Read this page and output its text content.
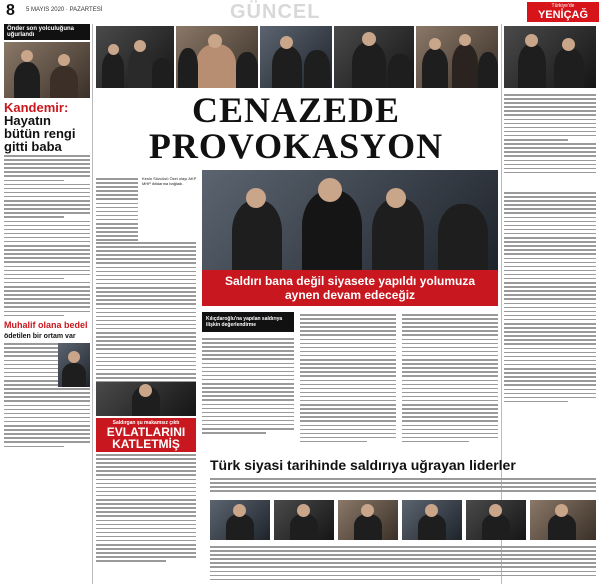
8 5 MAYIS 2020 · PAZARTESİ	GÜNCEL	Türkiye'de
YENİÇAĞ
Önder son yolculuğuna uğurlandı
Kandemir:
Hayatın bütün rengi gitti baba
Muhalif olana bedel
ödetilen bir ortam var
CENAZEDE
PROVOKASYON
Kesin Sözcüsü Özel olayı AKP MHP iktidarına bağladı.
Saldırı bana değil siyasete yapıldı yolumuza aynen devam edeceğiz
Kılıçdaroğlu'na yapılan saldırıya ilişkin değerlendirme
Saldırgan şu makamsız çıktı
EVLATLARINI KATLETMİŞ
Türk siyasi tarihinde saldırıya uğrayan liderler
